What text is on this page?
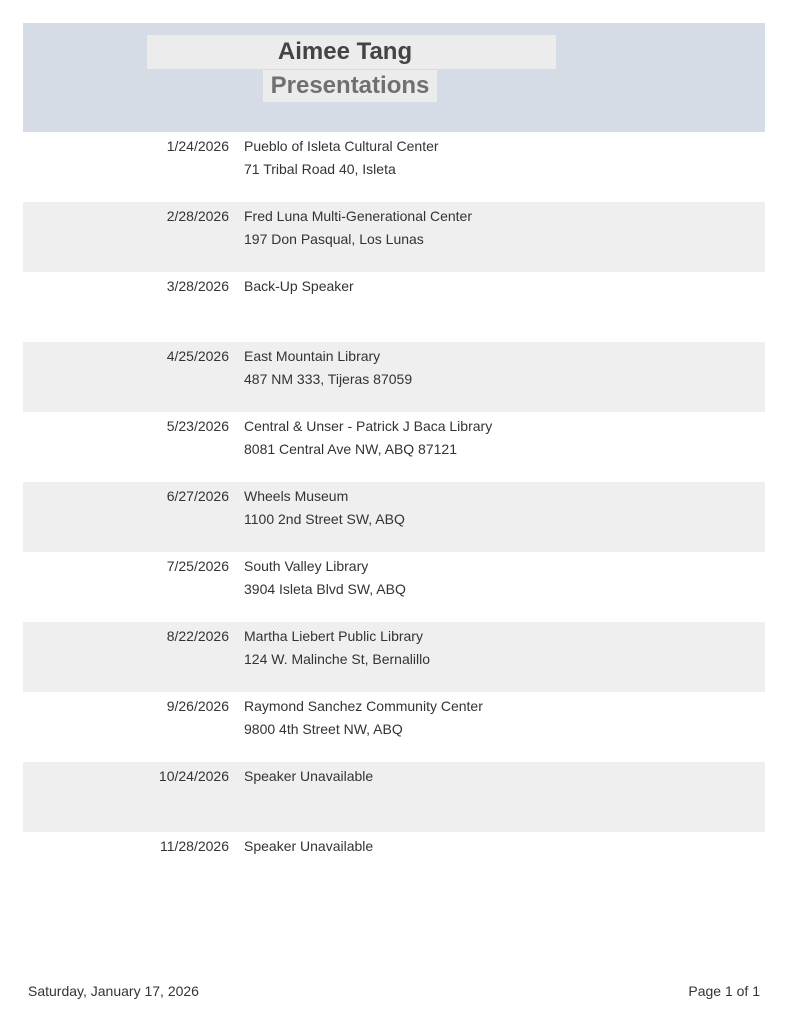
Aimee Tang
Presentations
1/24/2026 Pueblo of Isleta Cultural Center
71 Tribal Road 40, Isleta
2/28/2026 Fred Luna Multi-Generational Center
197 Don Pasqual, Los Lunas
3/28/2026 Back-Up Speaker
4/25/2026 East Mountain Library
487 NM 333, Tijeras 87059
5/23/2026 Central & Unser - Patrick J Baca Library
8081 Central Ave NW, ABQ 87121
6/27/2026 Wheels Museum
1100 2nd Street SW, ABQ
7/25/2026 South Valley Library
3904 Isleta Blvd SW, ABQ
8/22/2026 Martha Liebert Public Library
124 W. Malinche St, Bernalillo
9/26/2026 Raymond Sanchez Community Center
9800 4th Street NW, ABQ
10/24/2026 Speaker Unavailable
11/28/2026 Speaker Unavailable
Saturday, January 17, 2026	Page 1 of 1
